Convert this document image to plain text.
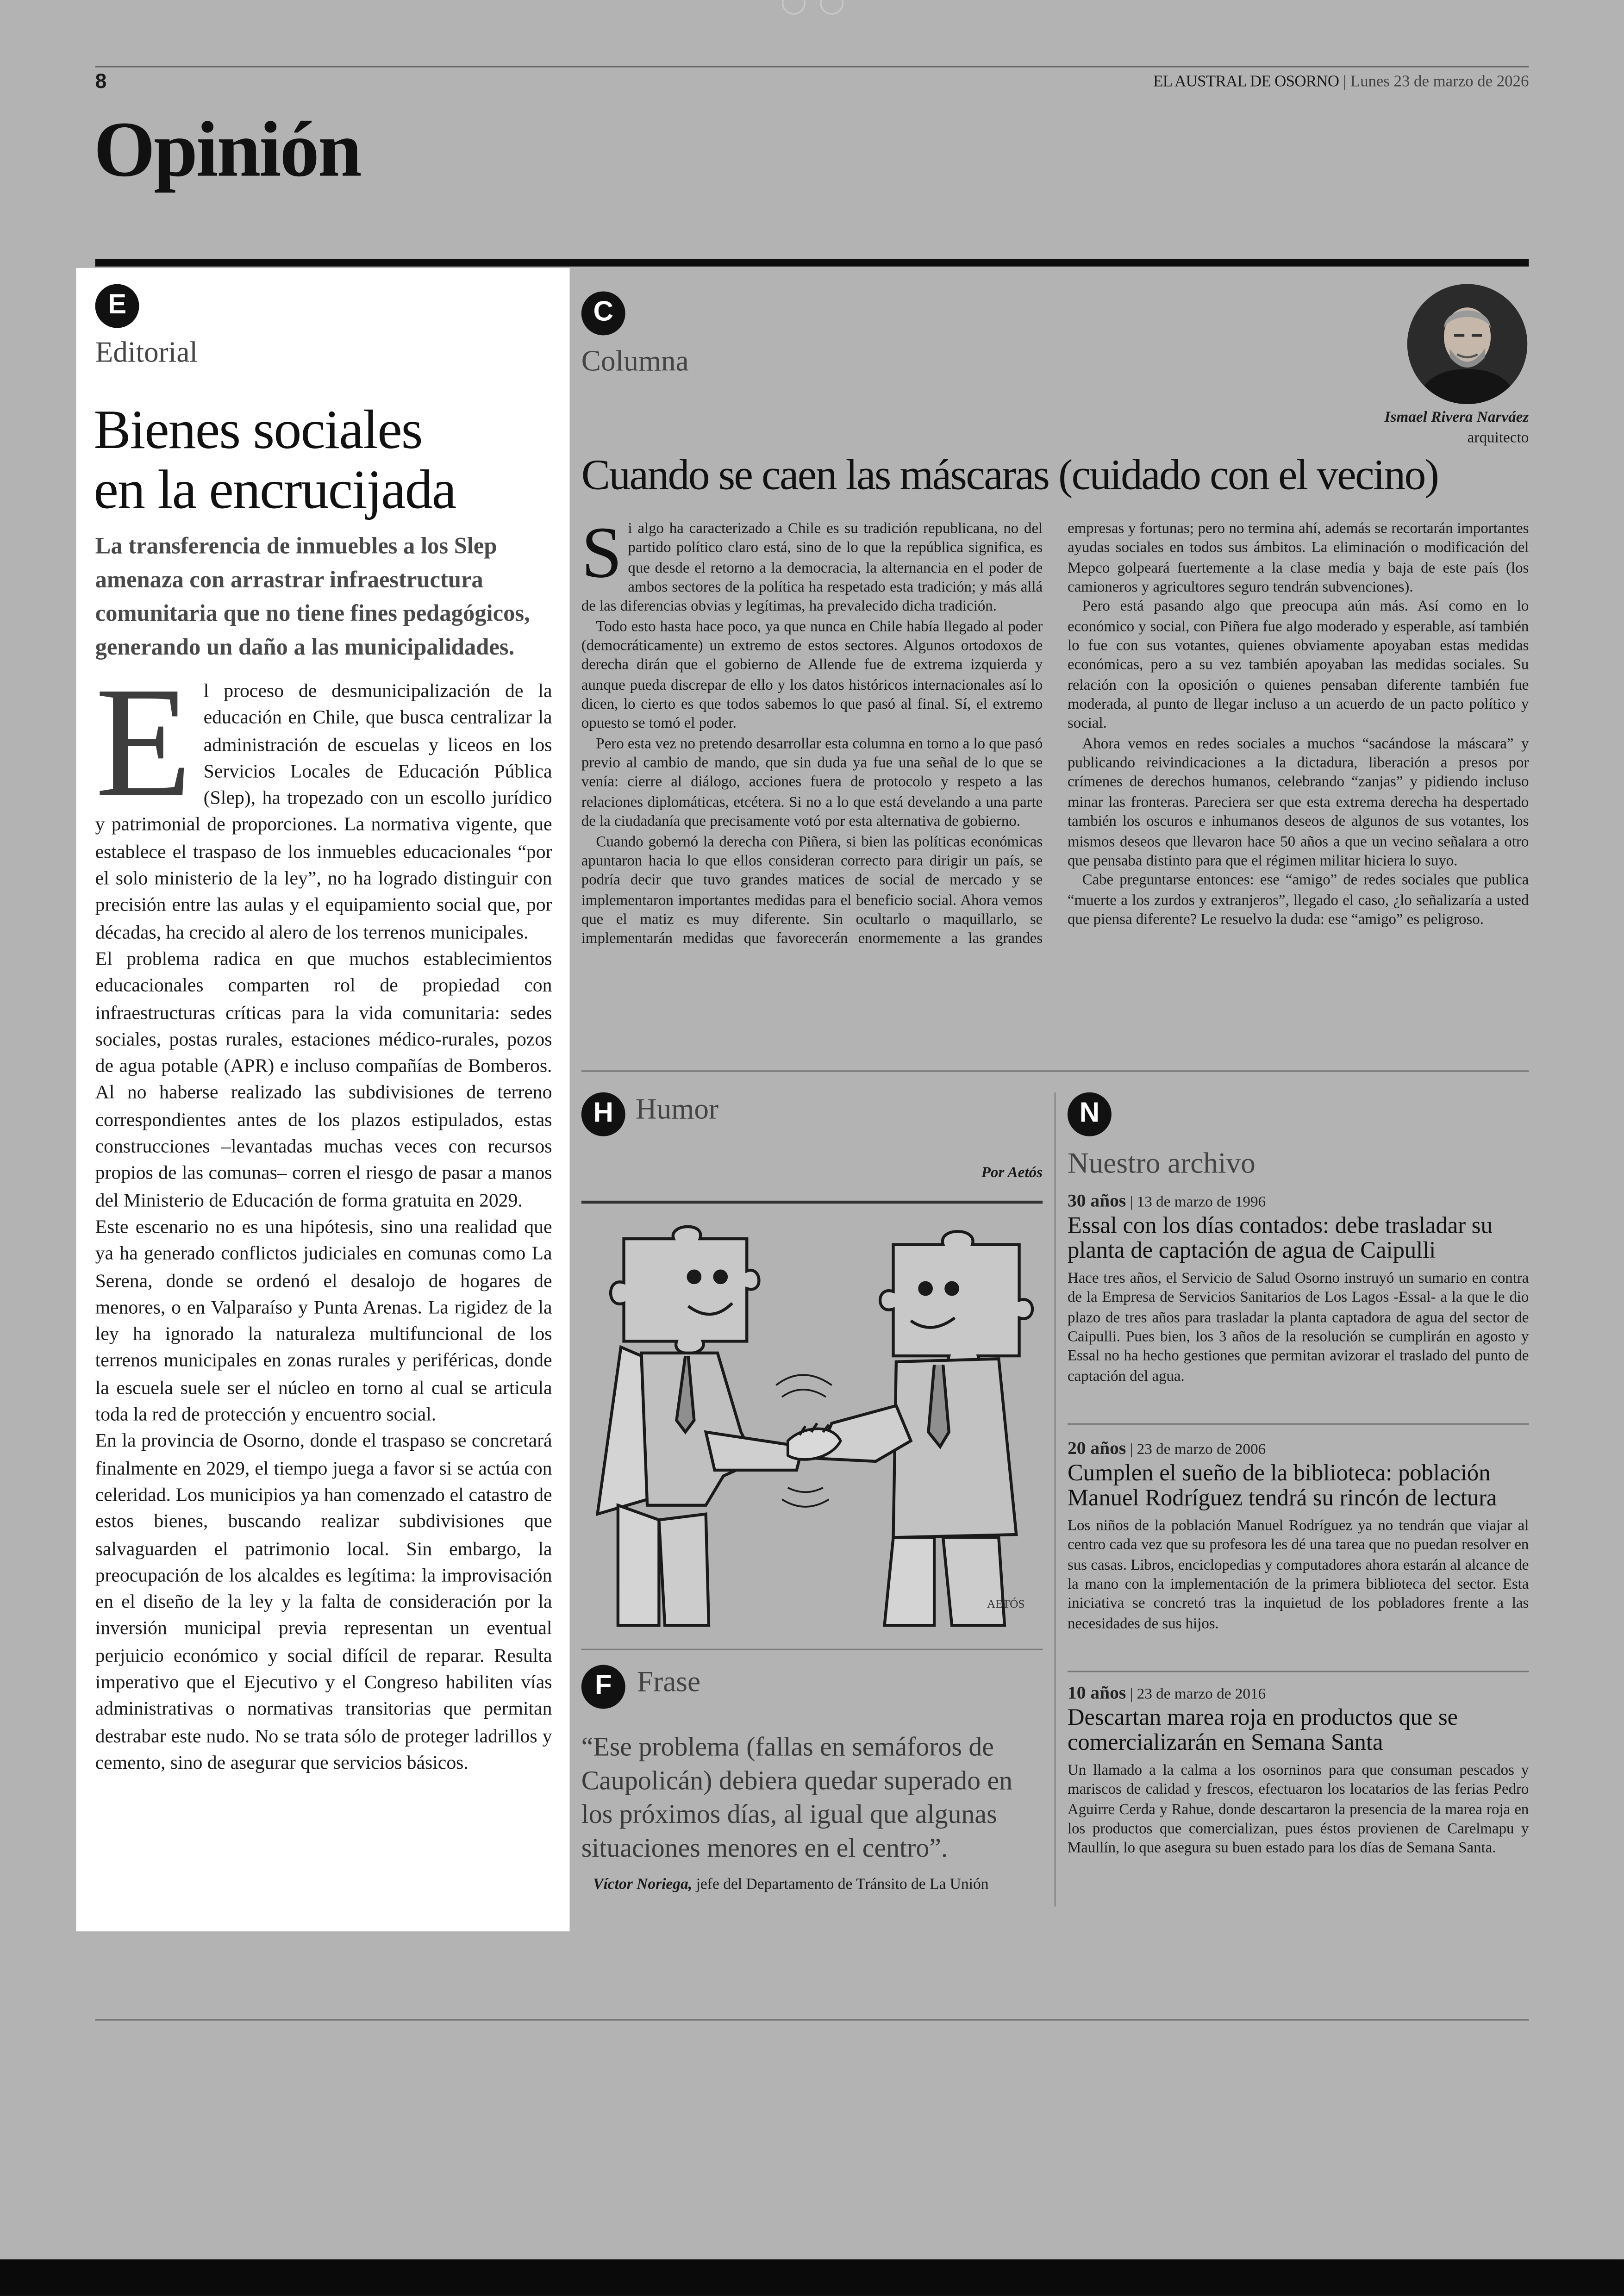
8	EL AUSTRAL DE OSORNO | Lunes 23 de marzo de 2026
Opinión
E
Editorial
Bienes sociales
en la encrucijada
La transferencia de inmuebles a los Slep amenaza con arrastrar infraestructura comunitaria que no tiene fines pedagógicos, generando un daño a las municipalidades.
E	l proceso de desmunicipalización de la educación en Chile, que busca centralizar la administración de escuelas y liceos en los Servicios Locales de Educación Pública (Slep), ha tropezado con un escollo jurídico y patrimonial de proporciones. La normativa vigente, que establece el traspaso de los inmuebles educacionales “por el solo ministerio de la ley”, no ha logrado distinguir con precisión entre las aulas y el equipamiento social que, por décadas, ha crecido al alero de los terrenos municipales.

El problema radica en que muchos establecimientos educacionales comparten rol de propiedad con infraestructuras críticas para la vida comunitaria: sedes sociales, postas rurales, estaciones médico-rurales, pozos de agua potable (APR) e incluso compañías de Bomberos. Al no haberse realizado las subdivisiones de terreno correspondientes antes de los plazos estipulados, estas construcciones –levantadas muchas veces con recursos propios de las comunas– corren el riesgo de pasar a manos del Ministerio de Educación de forma gratuita en 2029.

Este escenario no es una hipótesis, sino una realidad que ya ha generado conflictos judiciales en comunas como La Serena, donde se ordenó el desalojo de hogares de menores, o en Valparaíso y Punta Arenas. La rigidez de la ley ha ignorado la naturaleza multifuncional de los terrenos municipales en zonas rurales y periféricas, donde la escuela suele ser el núcleo en torno al cual se articula toda la red de protección y encuentro social.

En la provincia de Osorno, donde el traspaso se concretará finalmente en 2029, el tiempo juega a favor si se actúa con celeridad. Los municipios ya han comenzado el catastro de estos bienes, buscando realizar subdivisiones que salvaguarden el patrimonio local. Sin embargo, la preocupación de los alcaldes es legítima: la improvisación en el diseño de la ley y la falta de consideración por la inversión municipal previa representan un eventual perjuicio económico y social difícil de reparar. Resulta imperativo que el Ejecutivo y el Congreso habiliten vías administrativas o normativas transitorias que permitan destrabar este nudo. No se trata sólo de proteger ladrillos y cemento, sino de asegurar que servicios básicos.

C
Columna
Ismael Rivera Narváez
arquitecto
Cuando se caen las máscaras (cuidado con el vecino)
S	i algo ha caracterizado a Chile es su tradición republicana, no del partido político claro está, sino de lo que la república significa, es que desde el retorno a la democracia, la alternancia en el poder de ambos sectores de la política ha respetado esta tradición; y más allá de las diferencias obvias y legítimas, ha prevalecido dicha tradición.

Todo esto hasta hace poco, ya que nunca en Chile había llegado al poder (democráticamente) un extremo de estos sectores. Algunos ortodoxos de derecha dirán que el gobierno de Allende fue de extrema izquierda y aunque pueda discrepar de ello y los datos históricos internacionales así lo dicen, lo cierto es que todos sabemos lo que pasó al final. Sí, el extremo opuesto se tomó el poder.

Pero esta vez no pretendo desarrollar esta columna en torno a lo que pasó previo al cambio de mando, que sin duda ya fue una señal de lo que se venía: cierre al diálogo, acciones fuera de protocolo y respeto a las relaciones diplomáticas, etcétera. Si no a lo que está develando a una parte de la ciudadanía que precisamente votó por esta alternativa de gobierno.

Cuando gobernó la derecha con Piñera, si bien las políticas económicas apuntaron hacia lo que ellos consideran correcto para dirigir un país, se podría decir que tuvo grandes matices de social de mercado y se implementaron importantes medidas para el beneficio social. Ahora vemos que el matiz es muy diferente. Sin ocultarlo o maquillarlo, se implementarán medidas que favorecerán enormemente a las grandes empresas y fortunas; pero no termina ahí, además se recortarán importantes ayudas sociales en todos sus ámbitos. La eliminación o modificación del Mepco golpeará fuertemente a la clase media y baja de este país (los camioneros y agricultores seguro tendrán subvenciones).

Pero está pasando algo que preocupa aún más. Así como en lo económico y social, con Piñera fue algo moderado y esperable, así también lo fue con sus votantes, quienes obviamente apoyaban estas medidas económicas, pero a su vez también apoyaban las medidas sociales. Su relación con la oposición o quienes pensaban diferente también fue moderada, al punto de llegar incluso a un acuerdo de un pacto político y social.

Ahora vemos en redes sociales a muchos “sacándose la máscara” y publicando reivindicaciones a la dictadura, liberación a presos por crímenes de derechos humanos, celebrando “zanjas” y pidiendo incluso minar las fronteras. Pareciera ser que esta extrema derecha ha despertado también los oscuros e inhumanos deseos de algunos de sus votantes, los mismos deseos que llevaron hace 50 años a que un vecino señalara a otro que pensaba distinto para que el régimen militar hiciera lo suyo.

Cabe preguntarse entonces: ese “amigo” de redes sociales que publica “muerte a los zurdos y extranjeros”, llegado el caso, ¿lo señalizaría a usted que piensa diferente? Le resuelvo la duda: ese “amigo” es peligroso.

H	Humor
Por Aetós
AETÓS
F	Frase
“Ese problema (fallas en semáforos de Caupolicán) debiera quedar superado en los próximos días, al igual que algunas situaciones menores en el centro”.
Víctor Noriega, jefe del Departamento de Tránsito de La Unión
N
Nuestro archivo
30 años | 13 de marzo de 1996
Essal con los días contados: debe trasladar su planta de captación de agua de Caipulli
Hace tres años, el Servicio de Salud Osorno instruyó un sumario en contra de la Empresa de Servicios Sanitarios de Los Lagos -Essal- a la que le dio plazo de tres años para trasladar la planta captadora de agua del sector de Caipulli. Pues bien, los 3 años de la resolución se cumplirán en agosto y Essal no ha hecho gestiones que permitan avizorar el traslado del punto de captación del agua.
20 años | 23 de marzo de 2006
Cumplen el sueño de la biblioteca: población Manuel Rodríguez tendrá su rincón de lectura
Los niños de la población Manuel Rodríguez ya no tendrán que viajar al centro cada vez que su profesora les dé una tarea que no puedan resolver en sus casas. Libros, enciclopedias y computadores ahora estarán al alcance de la mano con la implementación de la primera biblioteca del sector. Esta iniciativa se concretó tras la inquietud de los pobladores frente a las necesidades de sus hijos.
10 años | 23 de marzo de 2016
Descartan marea roja en productos que se comercializarán en Semana Santa
Un llamado a la calma a los osorninos para que consuman pescados y mariscos de calidad y frescos, efectuaron los locatarios de las ferias Pedro Aguirre Cerda y Rahue, donde descartaron la presencia de la marea roja en los productos que comercializan, pues éstos provienen de Carelmapu y Maullín, lo que asegura su buen estado para los días de Semana Santa.
